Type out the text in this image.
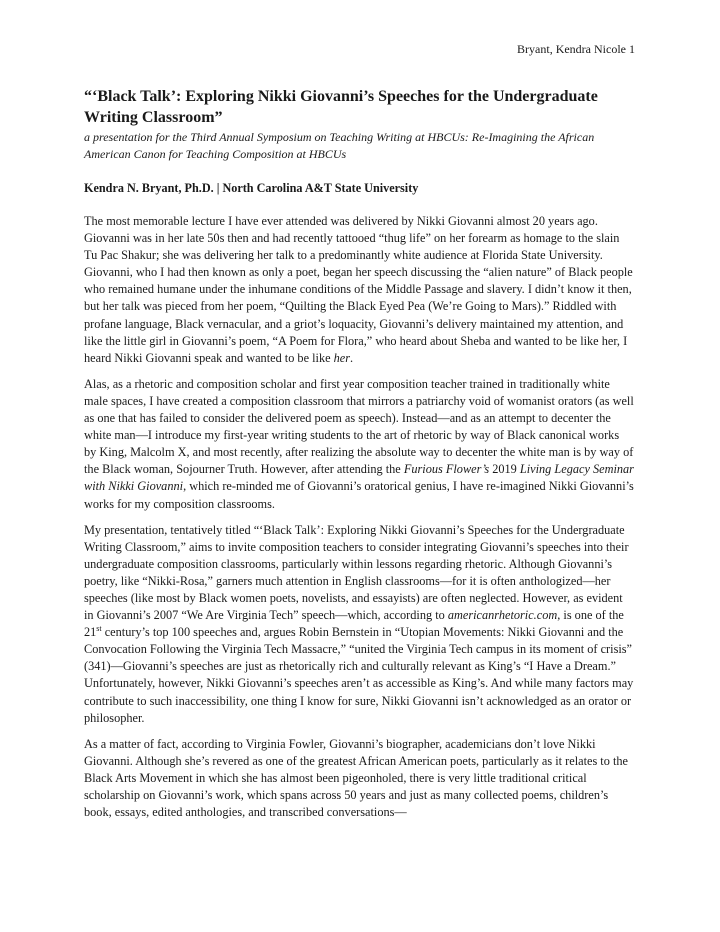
Bryant, Kendra Nicole 1
“‘Black Talk’: Exploring Nikki Giovanni’s Speeches for the Undergraduate Writing Classroom”
a presentation for the Third Annual Symposium on Teaching Writing at HBCUs: Re-Imagining the African American Canon for Teaching Composition at HBCUs
Kendra N. Bryant, Ph.D. | North Carolina A&T State University

The most memorable lecture I have ever attended was delivered by Nikki Giovanni almost 20 years ago. Giovanni was in her late 50s then and had recently tattooed “thug life” on her forearm as homage to the slain Tu Pac Shakur; she was delivering her talk to a predominantly white audience at Florida State University. Giovanni, who I had then known as only a poet, began her speech discussing the “alien nature” of Black people who remained humane under the inhumane conditions of the Middle Passage and slavery. I didn’t know it then, but her talk was pieced from her poem, “Quilting the Black Eyed Pea (We’re Going to Mars).” Riddled with profane language, Black vernacular, and a griot’s loquacity, Giovanni’s delivery maintained my attention, and like the little girl in Giovanni’s poem, “A Poem for Flora,” who heard about Sheba and wanted to be like her, I heard Nikki Giovanni speak and wanted to be like her.

Alas, as a rhetoric and composition scholar and first year composition teacher trained in traditionally white male spaces, I have created a composition classroom that mirrors a patriarchy void of womanist orators (as well as one that has failed to consider the delivered poem as speech). Instead—and as an attempt to decenter the white man—I introduce my first-year writing students to the art of rhetoric by way of Black canonical works by King, Malcolm X, and most recently, after realizing the absolute way to decenter the white man is by way of the Black woman, Sojourner Truth. However, after attending the Furious Flower’s 2019 Living Legacy Seminar with Nikki Giovanni, which re-minded me of Giovanni’s oratorical genius, I have re-imagined Nikki Giovanni’s works for my composition classrooms.

My presentation, tentatively titled “‘Black Talk’: Exploring Nikki Giovanni’s Speeches for the Undergraduate Writing Classroom,” aims to invite composition teachers to consider integrating Giovanni’s speeches into their undergraduate composition classrooms, particularly within lessons regarding rhetoric. Although Giovanni’s poetry, like “Nikki-Rosa,” garners much attention in English classrooms—for it is often anthologized—her speeches (like most by Black women poets, novelists, and essayists) are often neglected. However, as evident in Giovanni’s 2007 “We Are Virginia Tech” speech—which, according to americanrhetoric.com, is one of the 21st century’s top 100 speeches and, argues Robin Bernstein in “Utopian Movements: Nikki Giovanni and the Convocation Following the Virginia Tech Massacre,” “united the Virginia Tech campus in its moment of crisis” (341)—Giovanni’s speeches are just as rhetorically rich and culturally relevant as King’s “I Have a Dream.” Unfortunately, however, Nikki Giovanni’s speeches aren’t as accessible as King’s. And while many factors may contribute to such inaccessibility, one thing I know for sure, Nikki Giovanni isn’t acknowledged as an orator or philosopher.

As a matter of fact, according to Virginia Fowler, Giovanni’s biographer, academicians don’t love Nikki Giovanni. Although she’s revered as one of the greatest African American poets, particularly as it relates to the Black Arts Movement in which she has almost been pigeonholed, there is very little traditional critical scholarship on Giovanni’s work, which spans across 50 years and just as many collected poems, children’s book, essays, edited anthologies, and transcribed conversations—
